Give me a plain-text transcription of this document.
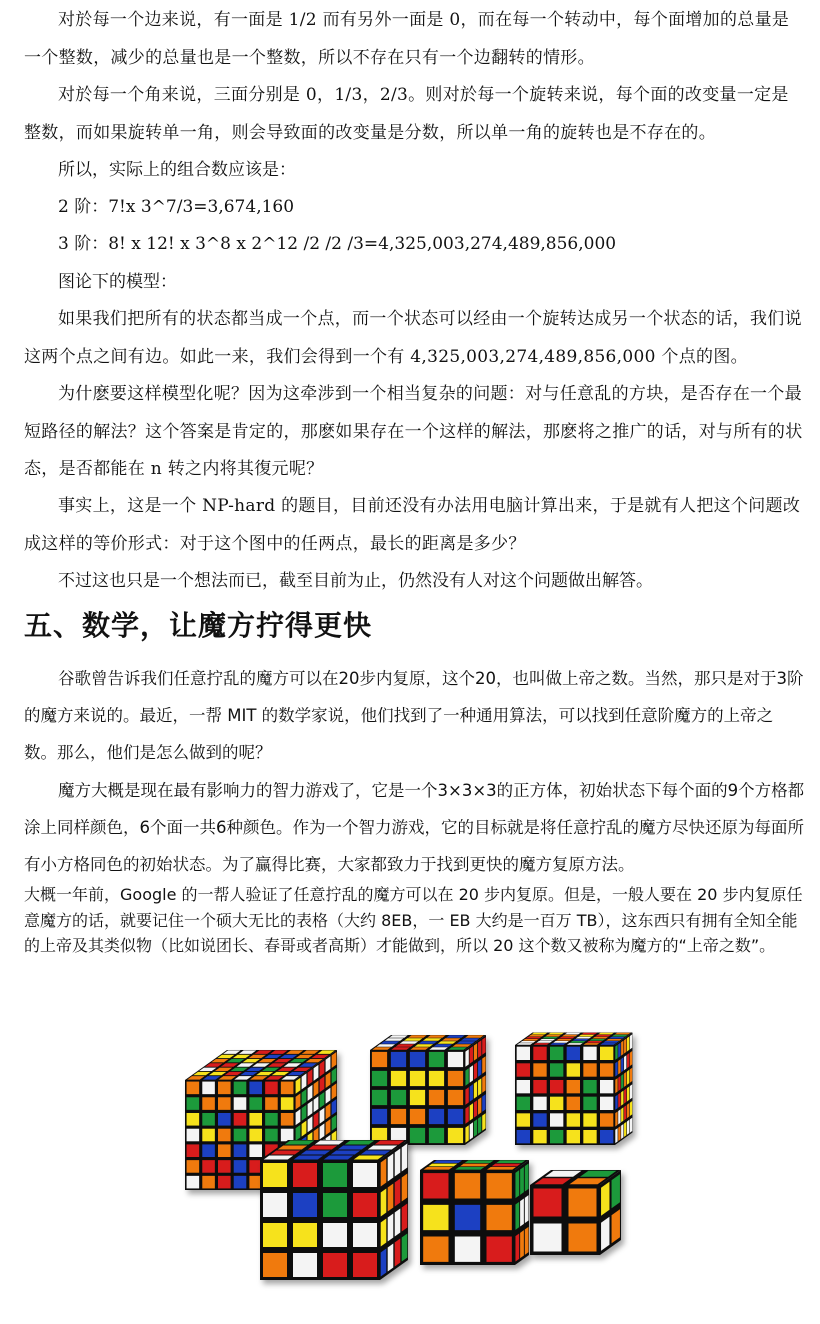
对於每一个边来说，有一面是 1/2 而有另外一面是 0，而在每一个转动中，每个面增加的总量是一个整数，减少的总量也是一个整数，所以不存在只有一个边翻转的情形。

对於每一个角来说，三面分别是 0，1/3，2/3。则对於每一个旋转来说，每个面的改变量一定是整数，而如果旋转单一角，则会导致面的改变量是分数，所以单一角的旋转也是不存在的。

所以，实际上的组合数应该是：

2 阶：7!x 3^7/3=3,674,160

3 阶：8! x 12! x 3^8 x 2^12 /2 /2 /3=4,325,003,274,489,856,000

图论下的模型：

如果我们把所有的状态都当成一个点，而一个状态可以经由一个旋转达成另一个状态的话，我们说这两个点之间有边。如此一来，我们会得到一个有 4,325,003,274,489,856,000 个点的图。

为什麽要这样模型化呢？因为这牵涉到一个相当复杂的问题：对与任意乱的方块，是否存在一个最短路径的解法？这个答案是肯定的，那麽如果存在一个这样的解法，那麽将之推广的话，对与所有的状态，是否都能在 n 转之内将其復元呢？

事实上，这是一个 NP-hard 的题目，目前还没有办法用电脑计算出来，于是就有人把这个问题改成这样的等价形式：对于这个图中的任两点，最长的距离是多少？

不过这也只是一个想法而已，截至目前为止，仍然没有人对这个问题做出解答。

五、数学，让魔方拧得更快

谷歌曾告诉我们任意拧乱的魔方可以在20步内复原，这个20，也叫做上帝之数。当然，那只是对于3阶的魔方来说的。最近，一帮 MIT 的数学家说，他们找到了一种通用算法，可以找到任意阶魔方的上帝之数。那么，他们是怎么做到的呢？

魔方大概是现在最有影响力的智力游戏了，它是一个3×3×3的正方体，初始状态下每个面的9个方格都涂上同样颜色，6个面一共6种颜色。作为一个智力游戏，它的目标就是将任意拧乱的魔方尽快还原为每面所有小方格同色的初始状态。为了赢得比赛，大家都致力于找到更快的魔方复原方法。

大概一年前，Google 的一帮人验证了任意拧乱的魔方可以在 20 步内复原。但是，一般人要在 20 步内复原任意魔方的话，就要记住一个硕大无比的表格（大约 8EB，一 EB 大约是一百万 TB），这东西只有拥有全知全能的上帝及其类似物（比如说团长、春哥或者高斯）才能做到，所以 20 这个数又被称为魔方的“上帝之数”。
